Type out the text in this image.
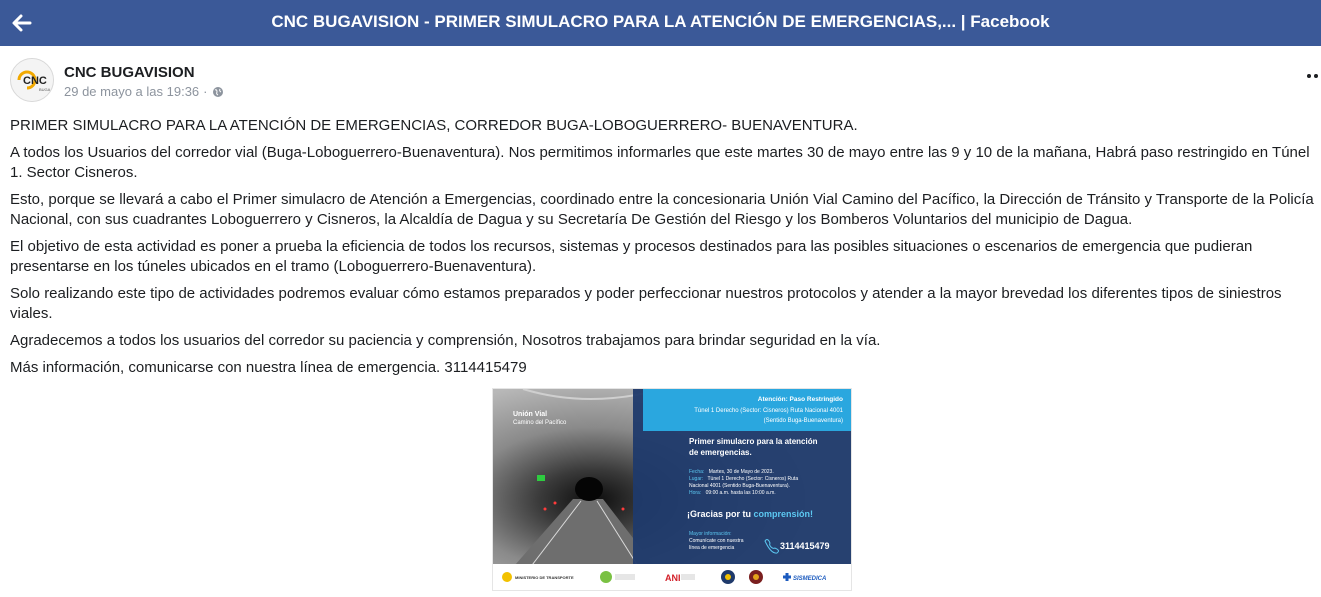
CNC BUGAVISION - PRIMER SIMULACRO PARA LA ATENCIÓN DE EMERGENCIAS,... | Facebook
CNC
BUGA
CNC BUGAVISION
29 de mayo a las 19:36 ·

PRIMER SIMULACRO PARA LA ATENCIÓN DE EMERGENCIAS, CORREDOR BUGA-LOBOGUERRERO- BUENAVENTURA.

A todos los Usuarios del corredor vial (Buga-Loboguerrero-Buenaventura). Nos permitimos informarles que este martes 30 de mayo entre las 9 y 10 de la mañana, Habrá paso restringido en Túnel 1. Sector Cisneros.

Esto, porque se llevará a cabo el Primer simulacro de Atención a Emergencias, coordinado entre la concesionaria Unión Vial Camino del Pacífico, la Dirección de Tránsito y Transporte de la Policía Nacional, con sus cuadrantes Loboguerrero y Cisneros, la Alcaldía de Dagua y su Secretaría De Gestión del Riesgo y los Bomberos Voluntarios del municipio de Dagua.

El objetivo de esta actividad es poner a prueba la eficiencia de todos los recursos, sistemas y procesos destinados para las posibles situaciones o escenarios de emergencia que pudieran presentarse en los túneles ubicados en el tramo (Loboguerrero-Buenaventura).

Solo realizando este tipo de actividades podremos evaluar cómo estamos preparados y poder perfeccionar nuestros protocolos y atender a la mayor brevedad los diferentes tipos de siniestros viales.

Agradecemos a todos los usuarios del corredor su paciencia y comprensión, Nosotros trabajamos para brindar seguridad en la vía.

Más información, comunicarse con nuestra línea de emergencia. 3114415479

Unión Vial
Camino del Pacífico
Atención: Paso Restringido
Túnel 1 Derecho (Sector: Cisneros) Ruta Nacional 4001
(Sentido Buga-Buenaventura)
Primer simulacro para la atención
de emergencias.
Fecha: Martes, 30 de Mayo de 2023.
Lugar: Túnel 1 Derecho (Sector: Cisneros) Ruta
Nacional 4001 (Sentido Buga-Buenaventura).
Hora: 09:00 a.m. hasta las 10:00 a.m.
¡Gracias por tu comprensión!
Mayor información:
Comunícate con nuestra
línea de emergencia	3114415479
MINISTERIO DE TRANSPORTE	ANI	SISMEDICA
